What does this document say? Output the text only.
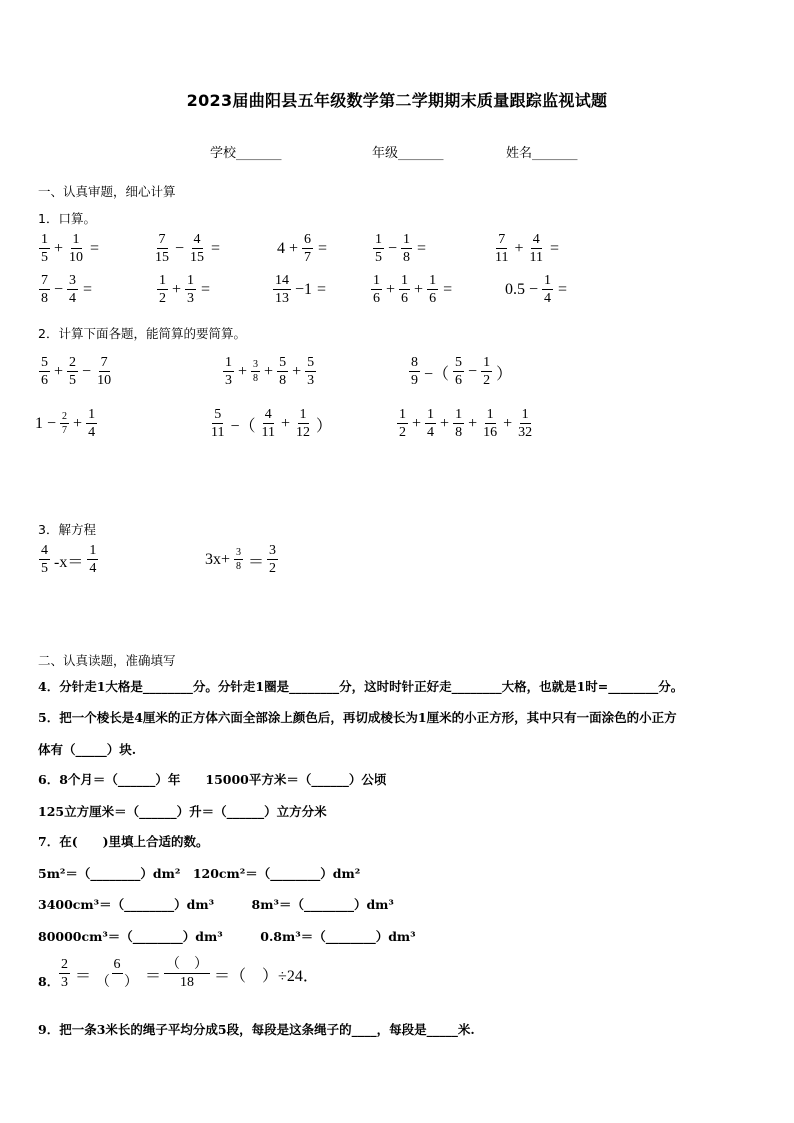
2023届曲阳县五年级数学第二学期期末质量跟踪监视试题
学校_______	年级_______	姓名_______
一、认真审题，细心计算
1．口算。
$\frac{1}{5} + \frac{1}{10}$ =	$\frac{7}{15} - \frac{4}{15}$ =	$4 + \frac{6}{7}$ =	$\frac{1}{5} - \frac{1}{8}$ =	$\frac{7}{11} + \frac{4}{11}$ =
$\frac{7}{8} - \frac{3}{4}$ =	$\frac{1}{2} + \frac{1}{3}$ =	$\frac{14}{13} -1$ =	$\frac{1}{6} + \frac{1}{6} + \frac{1}{6}$ =	$0.5 - \frac{1}{4}$ =
2．计算下面各题，能简算的要简算。
$\frac{5}{6} + \frac{2}{5} - \frac{7}{10}$	$\frac{1}{3} + \frac{3}{8} + \frac{5}{8} + \frac{5}{3}$	$\frac{8}{9}$ −（ $\frac{5}{6} - \frac{1}{2}$ ）
$1 - \frac{2}{7} + \frac{1}{4}$	$\frac{5}{11}$ −（ $\frac{4}{11} + \frac{1}{12}$ ）	$\frac{1}{2} + \frac{1}{4} + \frac{1}{8} + \frac{1}{16} + \frac{1}{32}$
3．解方程
$\frac{4}{5} -x= \frac{1}{4}$	$3x+ \frac{3}{8} = \frac{3}{2}$
二、认真读题，准确填写
4．分针走1大格是________分。分针走1圈是________分，这时时针正好走________大格，也就是1时=________分。
5．把一个棱长是4厘米的正方体六面全部涂上颜色后，再切成棱长为1厘米的小正方形，其中只有一面涂色的小正方
体有（_____）块.
6．8个月＝（______）年　　15000平方米＝（______）公顷
125立方厘米＝（______）升＝（______）立方分米
7．在(　　)里填上合适的数。
5m²＝（________）dm²　120cm²＝（________）dm²
3400cm³＝（________）dm³　　　8m³＝（________）dm³
80000cm³＝（________）dm³　　　0.8m³＝（________）dm³
8． $\frac{2}{3} = \frac{6}{( )} = \frac{( )}{18}$ ＝（　）÷24．
9．把一条3米长的绳子平均分成5段，每段是这条绳子的____，每段是_____米.
